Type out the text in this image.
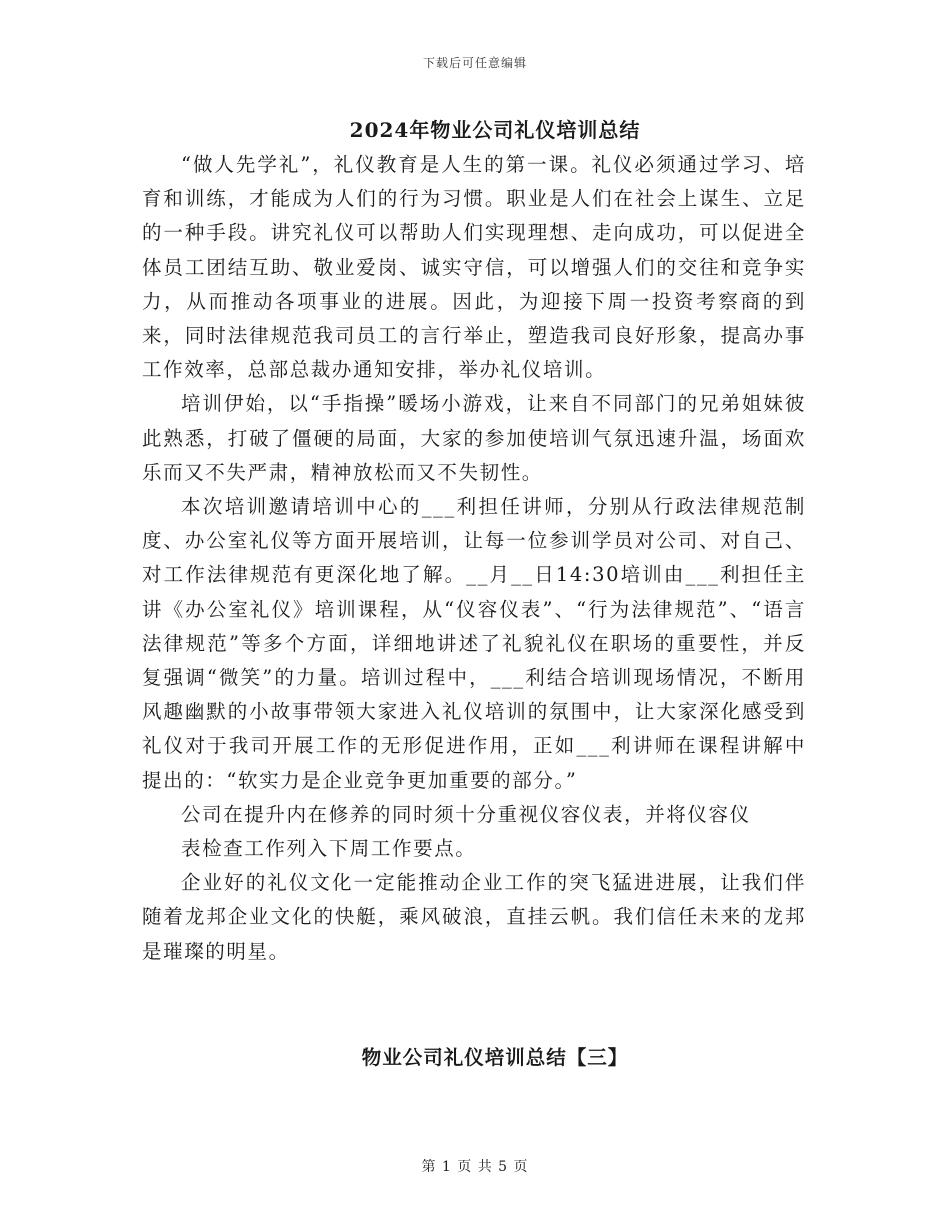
下载后可任意编辑
2024年物业公司礼仪培训总结

“做人先学礼”，礼仪教育是人生的第一课。礼仪必须通过学习、培育和训练，才能成为人们的行为习惯。职业是人们在社会上谋生、立足的一种手段。讲究礼仪可以帮助人们实现理想、走向成功，可以促进全体员工团结互助、敬业爱岗、诚实守信，可以增强人们的交往和竞争实力，从而推动各项事业的进展。因此，为迎接下周一投资考察商的到来，同时法律规范我司员工的言行举止，塑造我司良好形象，提高办事工作效率，总部总裁办通知安排，举办礼仪培训。

培训伊始，以“手指操”暖场小游戏，让来自不同部门的兄弟姐妹彼此熟悉，打破了僵硬的局面，大家的参加使培训气氛迅速升温，场面欢乐而又不失严肃，精神放松而又不失韧性。

本次培训邀请培训中心的___利担任讲师，分别从行政法律规范制度、办公室礼仪等方面开展培训，让每一位参训学员对公司、对自己、对工作法律规范有更深化地了解。__月__日14:30培训由___利担任主讲《办公室礼仪》培训课程，从“仪容仪表”、“行为法律规范”、“语言法律规范”等多个方面，详细地讲述了礼貌礼仪在职场的重要性，并反复强调“微笑”的力量。培训过程中，___利结合培训现场情况，不断用风趣幽默的小故事带领大家进入礼仪培训的氛围中，让大家深化感受到礼仪对于我司开展工作的无形促进作用，正如___利讲师在课程讲解中提出的：“软实力是企业竞争更加重要的部分。”

公司在提升内在修养的同时须十分重视仪容仪表，并将仪容仪

表检查工作列入下周工作要点。

企业好的礼仪文化一定能推动企业工作的突飞猛进进展，让我们伴随着龙邦企业文化的快艇，乘风破浪，直挂云帆。我们信任未来的龙邦是璀璨的明星。

物业公司礼仪培训总结【三】
第 1 页 共 5 页
